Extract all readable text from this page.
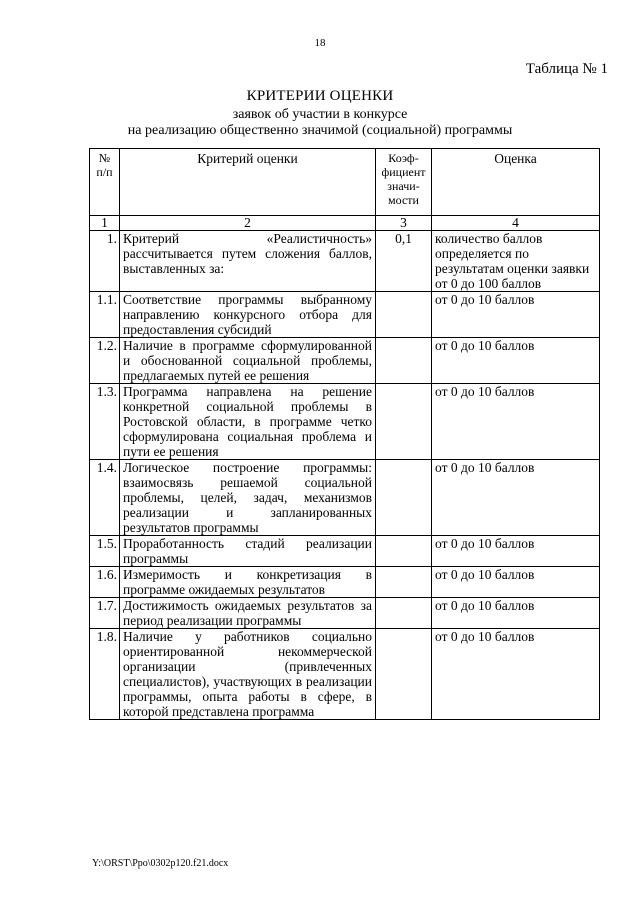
18
Таблица № 1
КРИТЕРИИ ОЦЕНКИ
заявок об участии в конкурсе
на реализацию общественно значимой (социальной) программы
№ п/п	Критерий оценки	Коэф-фициент значи-мости	Оценка
1	2	3	4
1.	Критерий «Реалистичность» рассчитывается путем сложения баллов, выставленных за:	0,1	количество баллов определяется по результатам оценки заявки от 0 до 100 баллов
1.1.	Соответствие программы выбранному направлению конкурсного отбора для предоставления субсидий		от 0 до 10 баллов
1.2.	Наличие в программе сформулированной и обоснованной социальной проблемы, предлагаемых путей ее решения		от 0 до 10 баллов
1.3.	Программа направлена на решение конкретной социальной проблемы в Ростовской области, в программе четко сформулирована социальная проблема и пути ее решения		от 0 до 10 баллов
1.4.	Логическое построение программы: взаимосвязь решаемой социальной проблемы, целей, задач, механизмов реализации и запланированных результатов программы		от 0 до 10 баллов
1.5.	Проработанность стадий реализации программы		от 0 до 10 баллов
1.6.	Измеримость и конкретизация в программе ожидаемых результатов		от 0 до 10 баллов
1.7.	Достижимость ожидаемых результатов за период реализации программы		от 0 до 10 баллов
1.8.	Наличие у работников социально ориентированной некоммерческой организации (привлеченных специалистов), участвующих в реализации программы, опыта работы в сфере, в которой представлена программа		от 0 до 10 баллов
Y:\ORST\Ppo\0302p120.f21.docx
